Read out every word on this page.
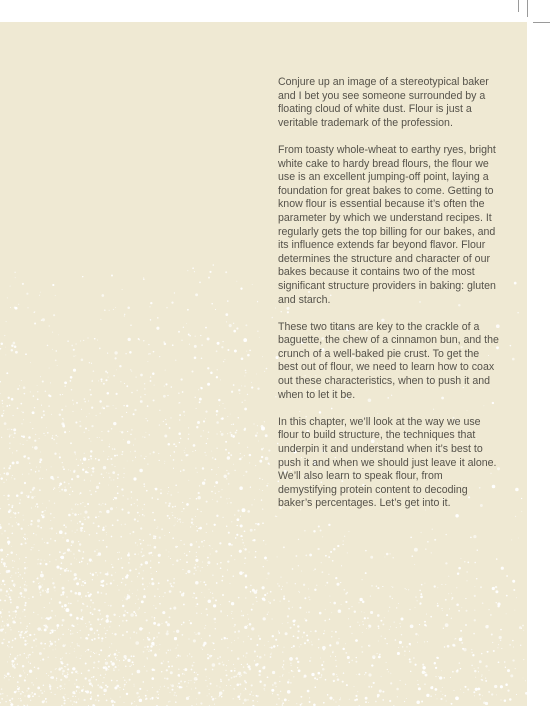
Conjure up an image of a stereotypical baker and I bet you see someone surrounded by a floating cloud of white dust. Flour is just a veritable trademark of the profession.

From toasty whole-wheat to earthy ryes, bright white cake to hardy bread flours, the flour we use is an excellent jumping-off point, laying a foundation for great bakes to come. Getting to know flour is essential because it’s often the parameter by which we understand recipes. It regularly gets the top billing for our bakes, and its influence extends far beyond flavor. Flour determines the structure and character of our bakes because it contains two of the most significant structure providers in baking: gluten and starch.

These two titans are key to the crackle of a baguette, the chew of a cinnamon bun, and the crunch of a well-baked pie crust. To get the best out of flour, we need to learn how to coax out these characteristics, when to push it and when to let it be.

In this chapter, we’ll look at the way we use flour to build structure, the techniques that underpin it and understand when it’s best to push it and when we should just leave it alone. We’ll also learn to speak flour, from demystifying protein content to decoding baker’s percentages. Let’s get into it.
